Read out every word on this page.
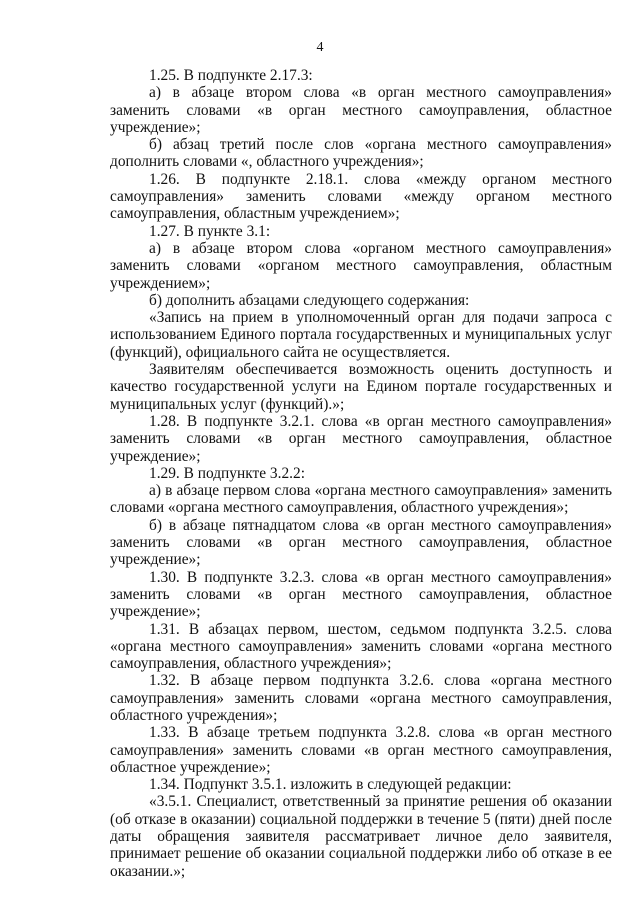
4

1.25. В подпункте 2.17.3:

а) в абзаце втором слова «в орган местного самоуправления» заменить словами «в орган местного самоуправления, областное учреждение»;

б) абзац третий после слов «органа местного самоуправления» дополнить словами «, областного учреждения»;

1.26. В подпункте 2.18.1. слова «между органом местного самоуправления» заменить словами «между органом местного самоуправления, областным учреждением»;

1.27. В пункте 3.1:

а) в абзаце втором слова «органом местного самоуправления» заменить словами «органом местного самоуправления, областным учреждением»;

б) дополнить абзацами следующего содержания:

«Запись на прием в уполномоченный орган для подачи запроса с использованием Единого портала государственных и муниципальных услуг (функций), официального сайта не осуществляется.

Заявителям обеспечивается возможность оценить доступность и качество государственной услуги на Едином портале государственных и муниципальных услуг (функций).»;

1.28. В подпункте 3.2.1. слова «в орган местного самоуправления» заменить словами «в орган местного самоуправления, областное учреждение»;

1.29. В подпункте 3.2.2:

а) в абзаце первом слова «органа местного самоуправления» заменить словами «органа местного самоуправления, областного учреждения»;

б) в абзаце пятнадцатом слова «в орган местного самоуправления» заменить словами «в орган местного самоуправления, областное учреждение»;

1.30. В подпункте 3.2.3. слова «в орган местного самоуправления» заменить словами «в орган местного самоуправления, областное учреждение»;

1.31. В абзацах первом, шестом, седьмом подпункта 3.2.5. слова «органа местного самоуправления» заменить словами «органа местного самоуправления, областного учреждения»;

1.32. В абзаце первом подпункта 3.2.6. слова «органа местного самоуправления» заменить словами «органа местного самоуправления, областного учреждения»;

1.33. В абзаце третьем подпункта 3.2.8. слова «в орган местного самоуправления» заменить словами «в орган местного самоуправления, областное учреждение»;

1.34. Подпункт 3.5.1. изложить в следующей редакции:

«3.5.1. Специалист, ответственный за принятие решения об оказании (об отказе в оказании) социальной поддержки в течение 5 (пяти) дней после даты обращения заявителя рассматривает личное дело заявителя, принимает решение об оказании социальной поддержки либо об отказе в ее оказании.»;
